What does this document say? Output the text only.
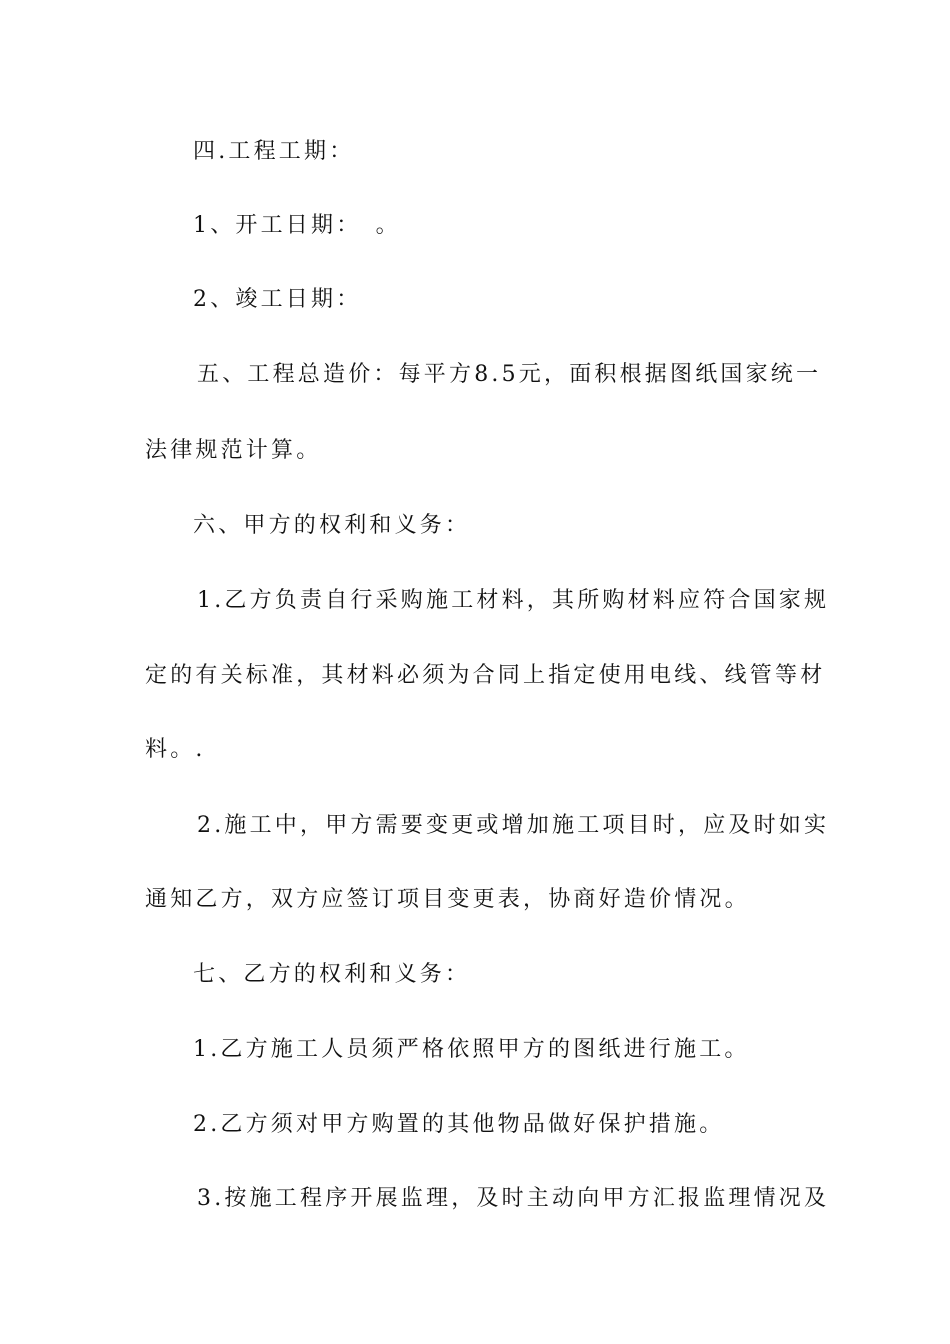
四.工程工期：
1、开工日期：　。
2、竣工日期：
五、工程总造价：每平方8.5元，面积根据图纸国家统一
法律规范计算。
六、甲方的权利和义务：
1.乙方负责自行采购施工材料，其所购材料应符合国家规
定的有关标准，其材料必须为合同上指定使用电线、线管等材
料。.
2.施工中，甲方需要变更或增加施工项目时，应及时如实
通知乙方，双方应签订项目变更表，协商好造价情况。
七、乙方的权利和义务：
1.乙方施工人员须严格依照甲方的图纸进行施工。
2.乙方须对甲方购置的其他物品做好保护措施。
3.按施工程序开展监理，及时主动向甲方汇报监理情况及
